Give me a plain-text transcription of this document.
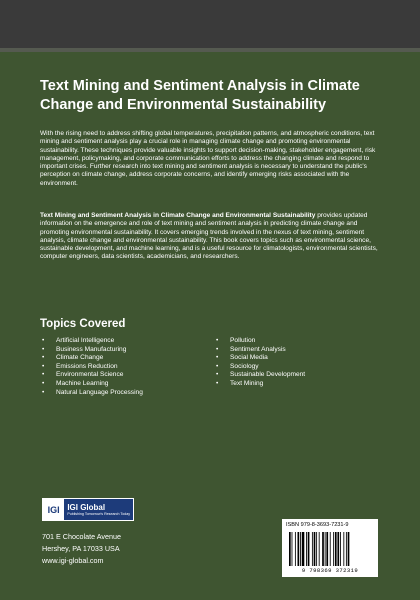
Text Mining and Sentiment Analysis in Climate Change and Environmental Sustainability

With the rising need to address shifting global temperatures, precipitation patterns, and atmospheric conditions, text mining and sentiment analysis play a crucial role in managing climate change and promoting environmental sustainability. These techniques provide valuable insights to support decision-making, stakeholder engagement, risk management, policymaking, and corporate communication efforts to address the changing climate and respond to important crises. Further research into text mining and sentiment analysis is necessary to understand the public's perception on climate change, address corporate concerns, and identify emerging risks associated with the environment.

Text Mining and Sentiment Analysis in Climate Change and Environmental Sustainability provides updated information on the emergence and role of text mining and sentiment analysis in predicting climate change and promoting environmental sustainability. It covers emerging trends involved in the nexus of text mining, sentiment analysis, climate change and environmental sustainability. This book covers topics such as environmental science, sustainable development, and machine learning, and is a useful resource for climatologists, environmental scientists, computer engineers, data scientists, academicians, and researchers.

Topics Covered
• Artificial Intelligence
• Business Manufacturing
• Climate Change
• Emissions Reduction
• Environmental Science
• Machine Learning
• Natural Language Processing
• Pollution
• Sentiment Analysis
• Social Media
• Sociology
• Sustainable Development
• Text Mining
IGI IGI Global
Publishing Tomorrow's Research Today
701 E Chocolate Avenue
Hershey, PA 17033 USA
www.igi-global.com
ISBN 979-8-3693-7231-9
9 798369 372319
